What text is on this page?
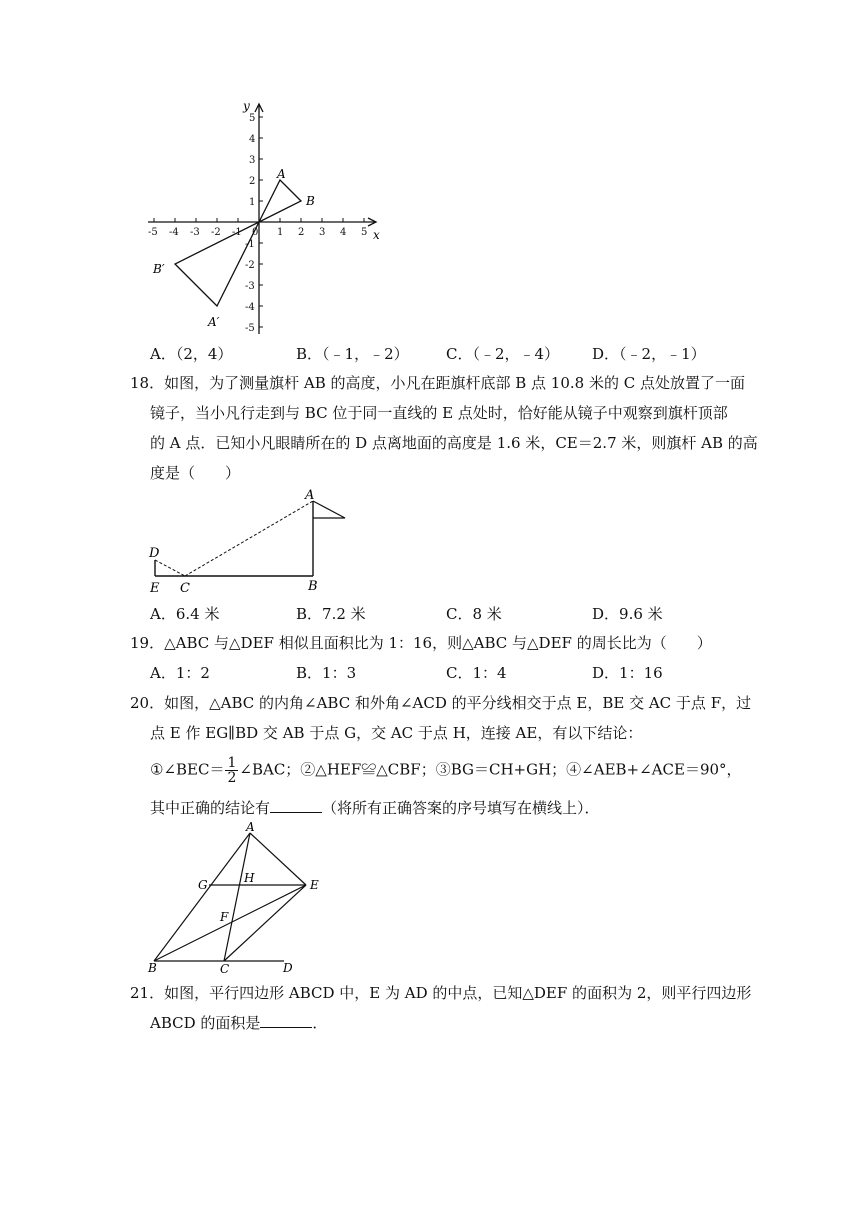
-5 -4 -3 -2 -1 0 1 2 3 4 5
5
4
3
2
1
-1
-2
-3
-4
-5
x
y
A
B
B′
A′
A．（2，4）	B．（﹣1，﹣2） C．（﹣2，﹣4） D．（﹣2，﹣1）
18．如图，为了测量旗杆 AB 的高度，小凡在距旗杆底部 B 点 10.8 米的 C 点处放置了一面
镜子，当小凡行走到与 BC 位于同一直线的 E 点处时，恰好能从镜子中观察到旗杆顶部
的 A 点．已知小凡眼睛所在的 D 点离地面的高度是 1.6 米，CE＝2.7 米，则旗杆 AB 的高
度是（　　）
A
D
E C	B
A．6.4 米	B．7.2 米	C．8 米	D．9.6 米
19．△ABC 与△DEF 相似且面积比为 1：16，则△ABC 与△DEF 的周长比为（　　）
A．1：2	B．1：3	C．1：4	D．1：16
20．如图，△ABC 的内角∠ABC 和外角∠ACD 的平分线相交于点 E，BE 交 AC 于点 F，过
点 E 作 EG∥BD 交 AB 于点 G，交 AC 于点 H，连接 AE，有以下结论：
①∠BEC＝ $\frac{1}{2}$ ∠BAC；②△HEF≌△CBF；③BG＝CH+GH；④∠AEB+∠ACE＝90°，
其中正确的结论有	（将所有正确答案的序号填写在横线上）．
A
G	H	E
F
B	C	D
21．如图，平行四边形 ABCD 中，E 为 AD 的中点，已知△DEF 的面积为 2，则平行四边形
ABCD 的面积是	．
